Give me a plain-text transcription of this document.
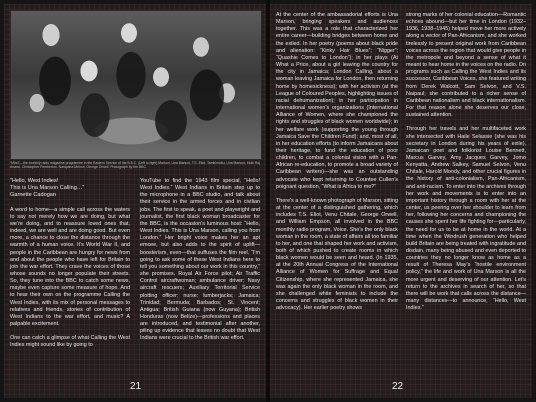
“Mind”—the monthly radio magazine programme in the Eastern Service of the B.B.C. (Left to right) Marson, Una Marson, T.S. Eliot, Tambimuttu, Una Marson, Mulk Raj Anand, Christopher Pemberton, Narayana Menon, George Orwell. Photograph by the BBC.

“Hello, West Indies!
This is Una Marson Calling…”
Garnette Cadogan

A word to home—a simple call across the waters to say not merely how we are doing, but what we’re doing, and to reassure loved ones that, indeed, we are well and are doing good. But even more, a chance to close the distance through the warmth of a human voice. It’s World War II, and people in the Caribbean are hungry for news from and about the people who have left for Britain to join the war effort. They crave the voices of those whose sounds no longer populate their streets. So, they tune into the BBC to catch some news, maybe even capture some measure of hope. And to hear their own on the programme Calling the West Indies, with its mix of personal messages to relatives and friends, stories of contribution of West Indians to the war effort, and music? A palpable excitement.

One can catch a glimpse of what Calling the West Indies might sound like by going to

YouTube to find the 1943 film special, “Hello! West Indies.” West Indians in Britain step up to the microphone in a BBC studio, and talk about their service in the armed forces and in civilian jobs. The first to speak, a poet and playwright and journalist, the first black woman broadcaster for the BBC, is the occasion’s luminous host: “Hello, West Indies. This is Una Marson, calling you from London.” Her bright voice makes her an apt emcee, but also adds to the spirit of uplift—boosterism, even—that suffuses the film reel. “I’m going to ask some of these West Indians here to tell you something about our work in this country,” she promises. Royal Air Force pilot; Air Traffic Control aircraftwoman; ambulance driver; Navy aircraft rescuers; Auxiliary Territorial Service plotting officer; nurse; lumberjacks; Jamaica; Trinidad; Bermuda; Barbados; St. Vincent; Antigua; British Guiana (now Guyana); British Honduras (now Belize)—professions and places are introduced, and testimonial after another, piling up evidence that leaves no doubt that West Indians were crucial to the British war effort.

21

At the center of the ambassadorial efforts is Una Marson, bringing speakers and audiences together. This was a role that characterized her entire career—building bridges between home and the exiled. In her poetry (poems about black pride and alienation: “Kinky Hair Blues”; “Nigger”; “Quashie Comes to London”); in her plays (At What a Price, about a girl leaving the country for the city in Jamaica; London Calling, about a woman leaving Jamaica for London, then returning home by homesickness); with her activism (at the League of Coloured Peoples, highlighting issues of racial dehumanization); in her participation in international women’s organizations (International Alliance of Women, where she championed the rights and struggles of black women worldwide); in her welfare work (supporting the young through Jamaica Save the Children Fund); and, most of all, in her education efforts (to inform Jamaicans about their heritage, to fund the education of poor children, to combat a colonial vision with a Pan-African re-education, to promote a broad variety of Caribbean writers)—she was an outstanding advocate who kept returning to Countee Cullen’s poignant question, “What is Africa to me?”

There’s a well-known photograph of Marson, sitting at the center of a distinguished gathering, which includes T.S. Eliot, Venu Chitale, George Orwell, and William Empson, all involved in the BBC monthly radio program, Voice. She’s the only black woman in the room, a state of affairs all too familiar to her, and one that shaped her work and activism, both of which pushed to create rooms in which black women would be seen and heard. (In 1935, at the 20th Annual Congress of the International Alliance of Women for Suffrage and Equal Citizenship, where she represented Jamaica, she was again the only black woman in the room, and she challenged white feminists to include the concerns and struggles of black women in their advocacy). Her earlier poetry shows

strong marks of her colonial education—Romantic echoes abound—but her time in London (1932–1936, 1938–1945) helped move her more actively along a vector of Pan-Africanism, and she worked tirelessly to present original work from Caribbean voices across the region that would give people in the metropole and beyond a sense of what it meant to hear home in the voices on the radio. On programs such as Calling the West Indies and its successor, Caribbean Voices, she featured writing from Derek Walcott, Sam Selvon, and V.S. Naipaul; she contributed to a richer sense of Caribbean nationalism and black internationalism. For that reason alone she deserves our close, sustained attention.

Through her travels and her multifaceted work she intersected with Haile Selassie (she was his secretary in London during his years of exile), Jamaican poet and folklorist Louise Bennett, Marcus Garvey, Amy Jacques Garvey, Jomo Kenyatta, Andrew Salkey, Samuel Selvon, Venu Chitale, Harold Moody, and other crucial figures in the history of anti-colonialism, Pan-Africanism, and anti-racism. To enter into the archives through her work and movements is to enter into an important history through a room with her at the center, us peering over her shoulder to learn from her, following her concerns and championing the causes she spent her life fighting for—particularly, the need for us to be at home in the world. At a time when the Windrush generation who helped build Britain are being treated with ingratitude and disdain, many being abused and even deported to countries they no longer know as home as a result of Theresa May’s “hostile environment policy,” the life and work of Una Marson is all the more urgent and deserving of our attention. Let’s return to the archives in search of her, so that there will be work that calls across the distance—many distances—to announce, “Hello, West Indies.”

22
